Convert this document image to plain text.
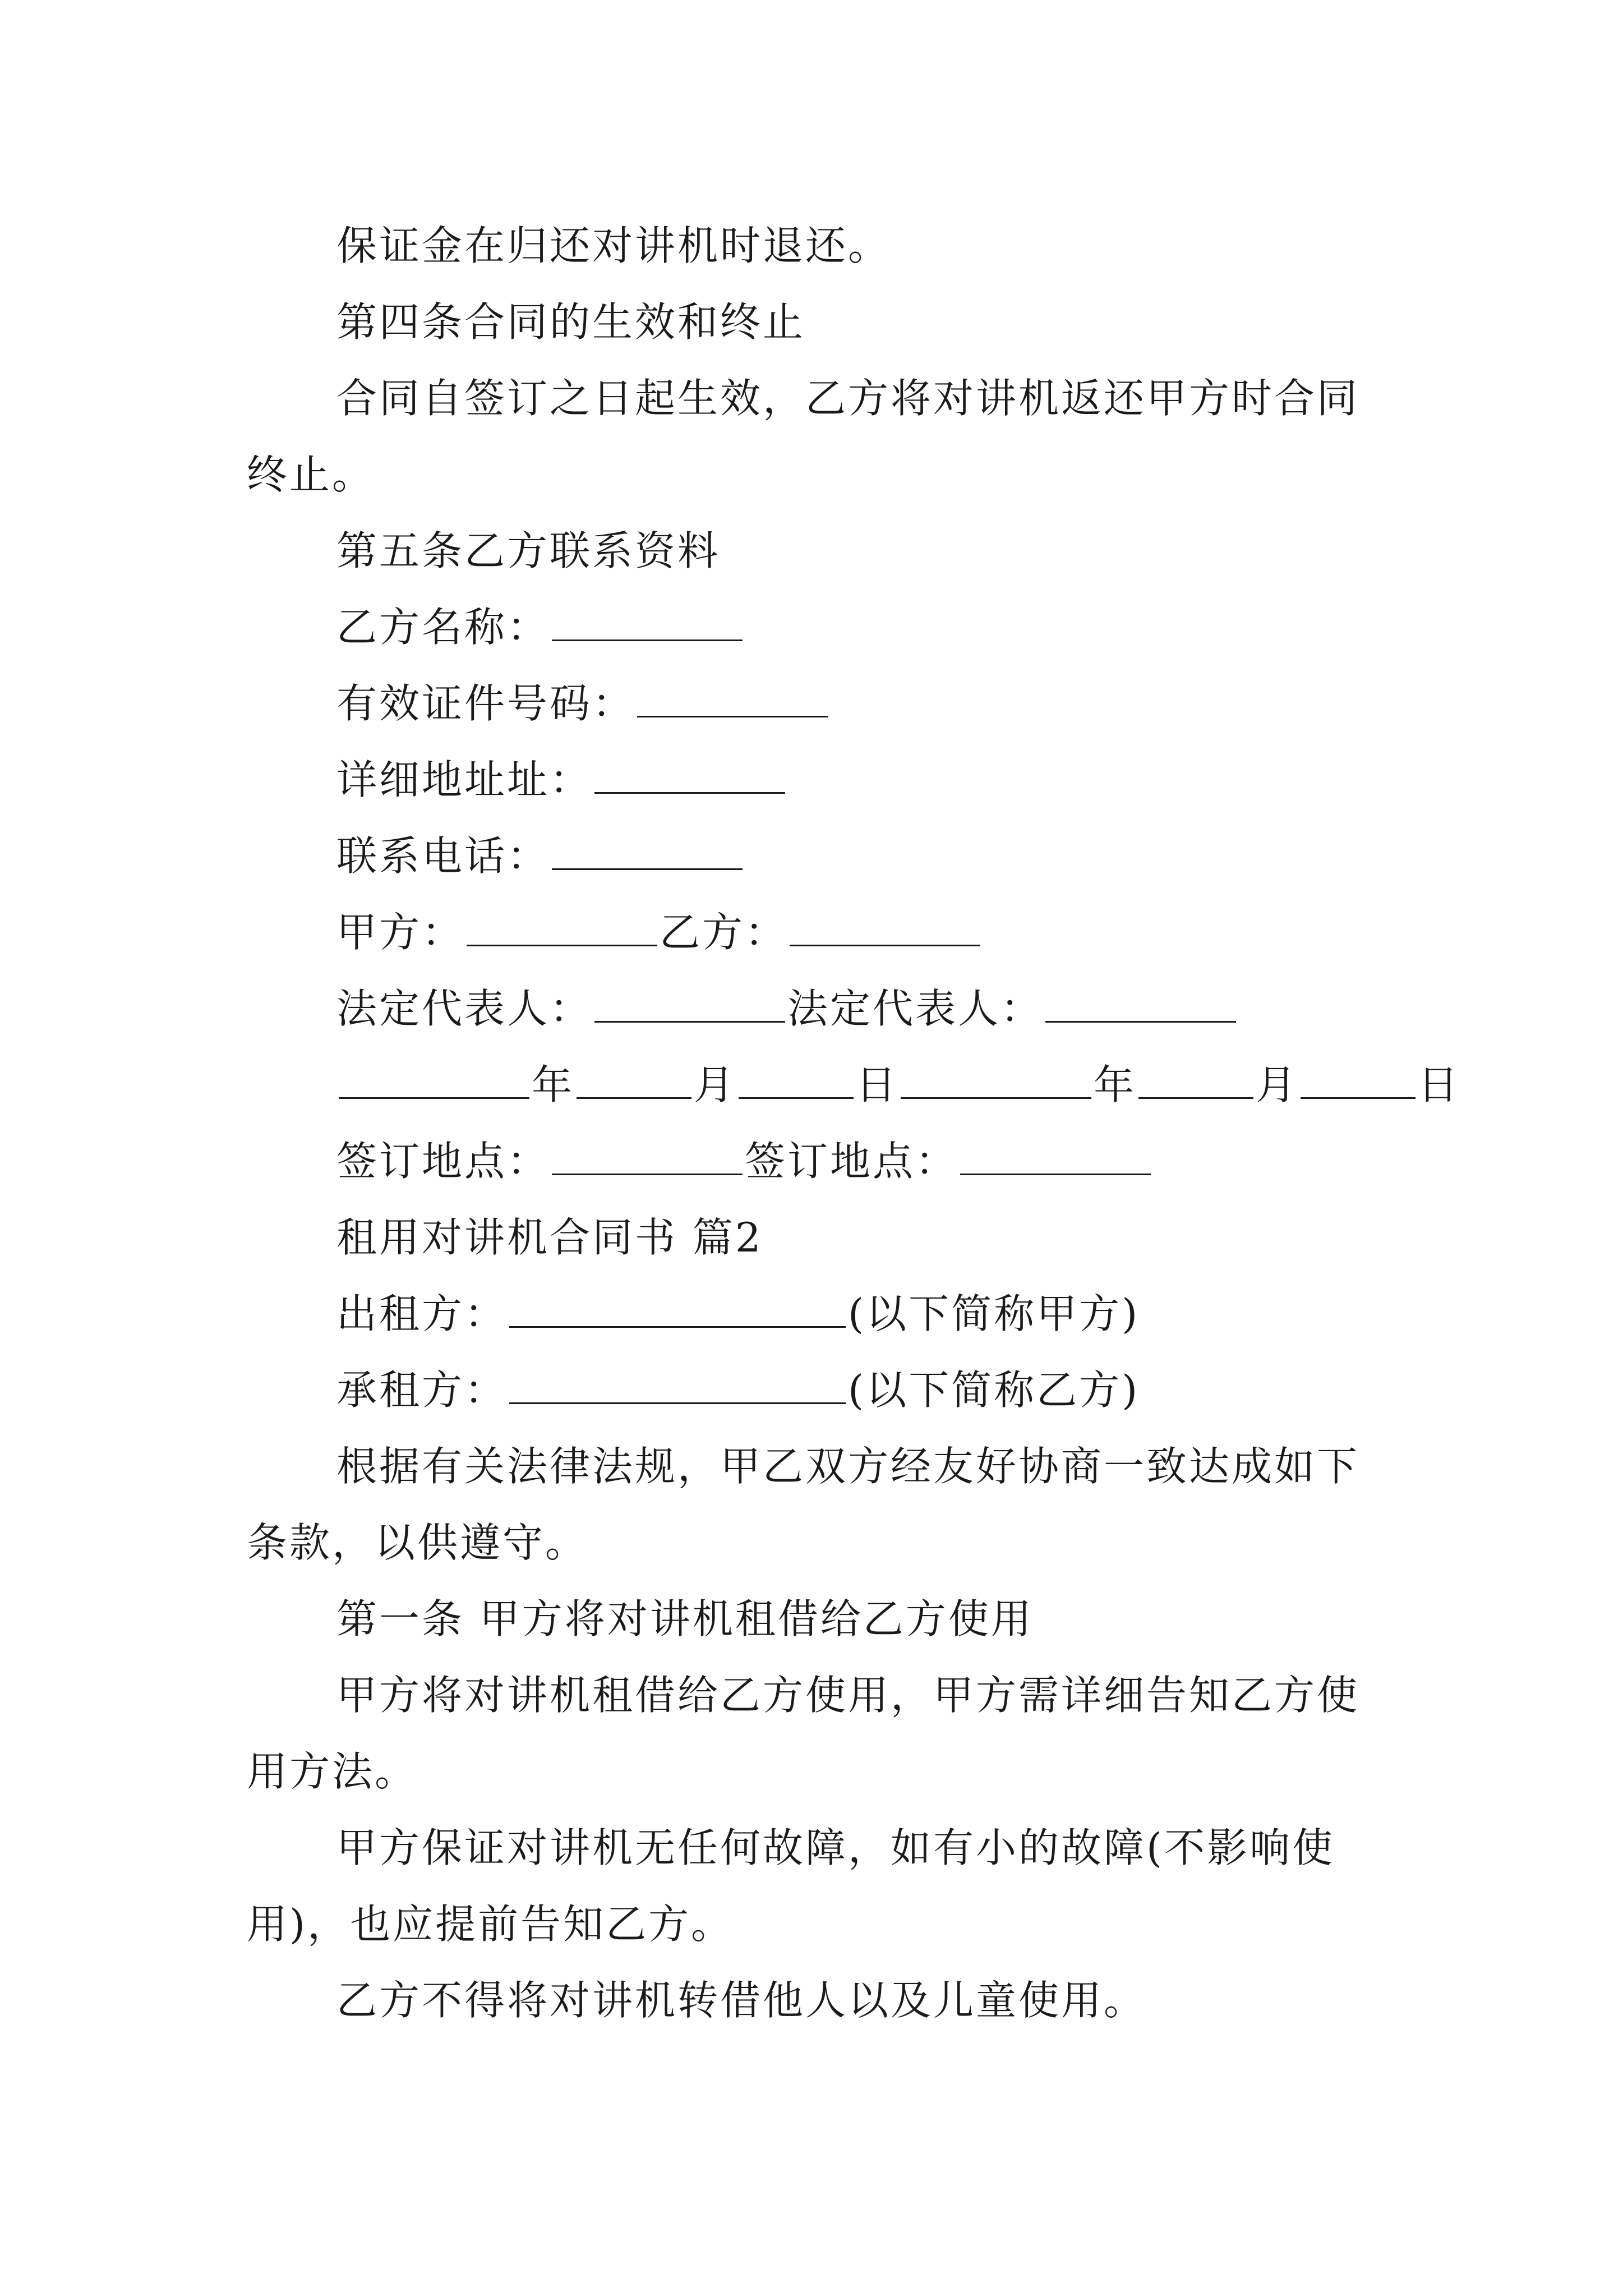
保证金在归还对讲机时退还。
第四条合同的生效和终止
合同自签订之日起生效，乙方将对讲机返还甲方时合同
终止。
第五条乙方联系资料
乙方名称：
有效证件号码：
详细地址址：
联系电话：
甲方：	乙方：
法定代表人：	法定代表人：
年	月	日	年	月	日
签订地点：	签订地点：
租用对讲机合同书 篇2
出租方：	(以下简称甲方)
承租方：	(以下简称乙方)
根据有关法律法规，甲乙双方经友好协商一致达成如下
条款，以供遵守。
第一条 甲方将对讲机租借给乙方使用
甲方将对讲机租借给乙方使用，甲方需详细告知乙方使
用方法。
甲方保证对讲机无任何故障，如有小的故障(不影响使
用)，也应提前告知乙方。
乙方不得将对讲机转借他人以及儿童使用。
